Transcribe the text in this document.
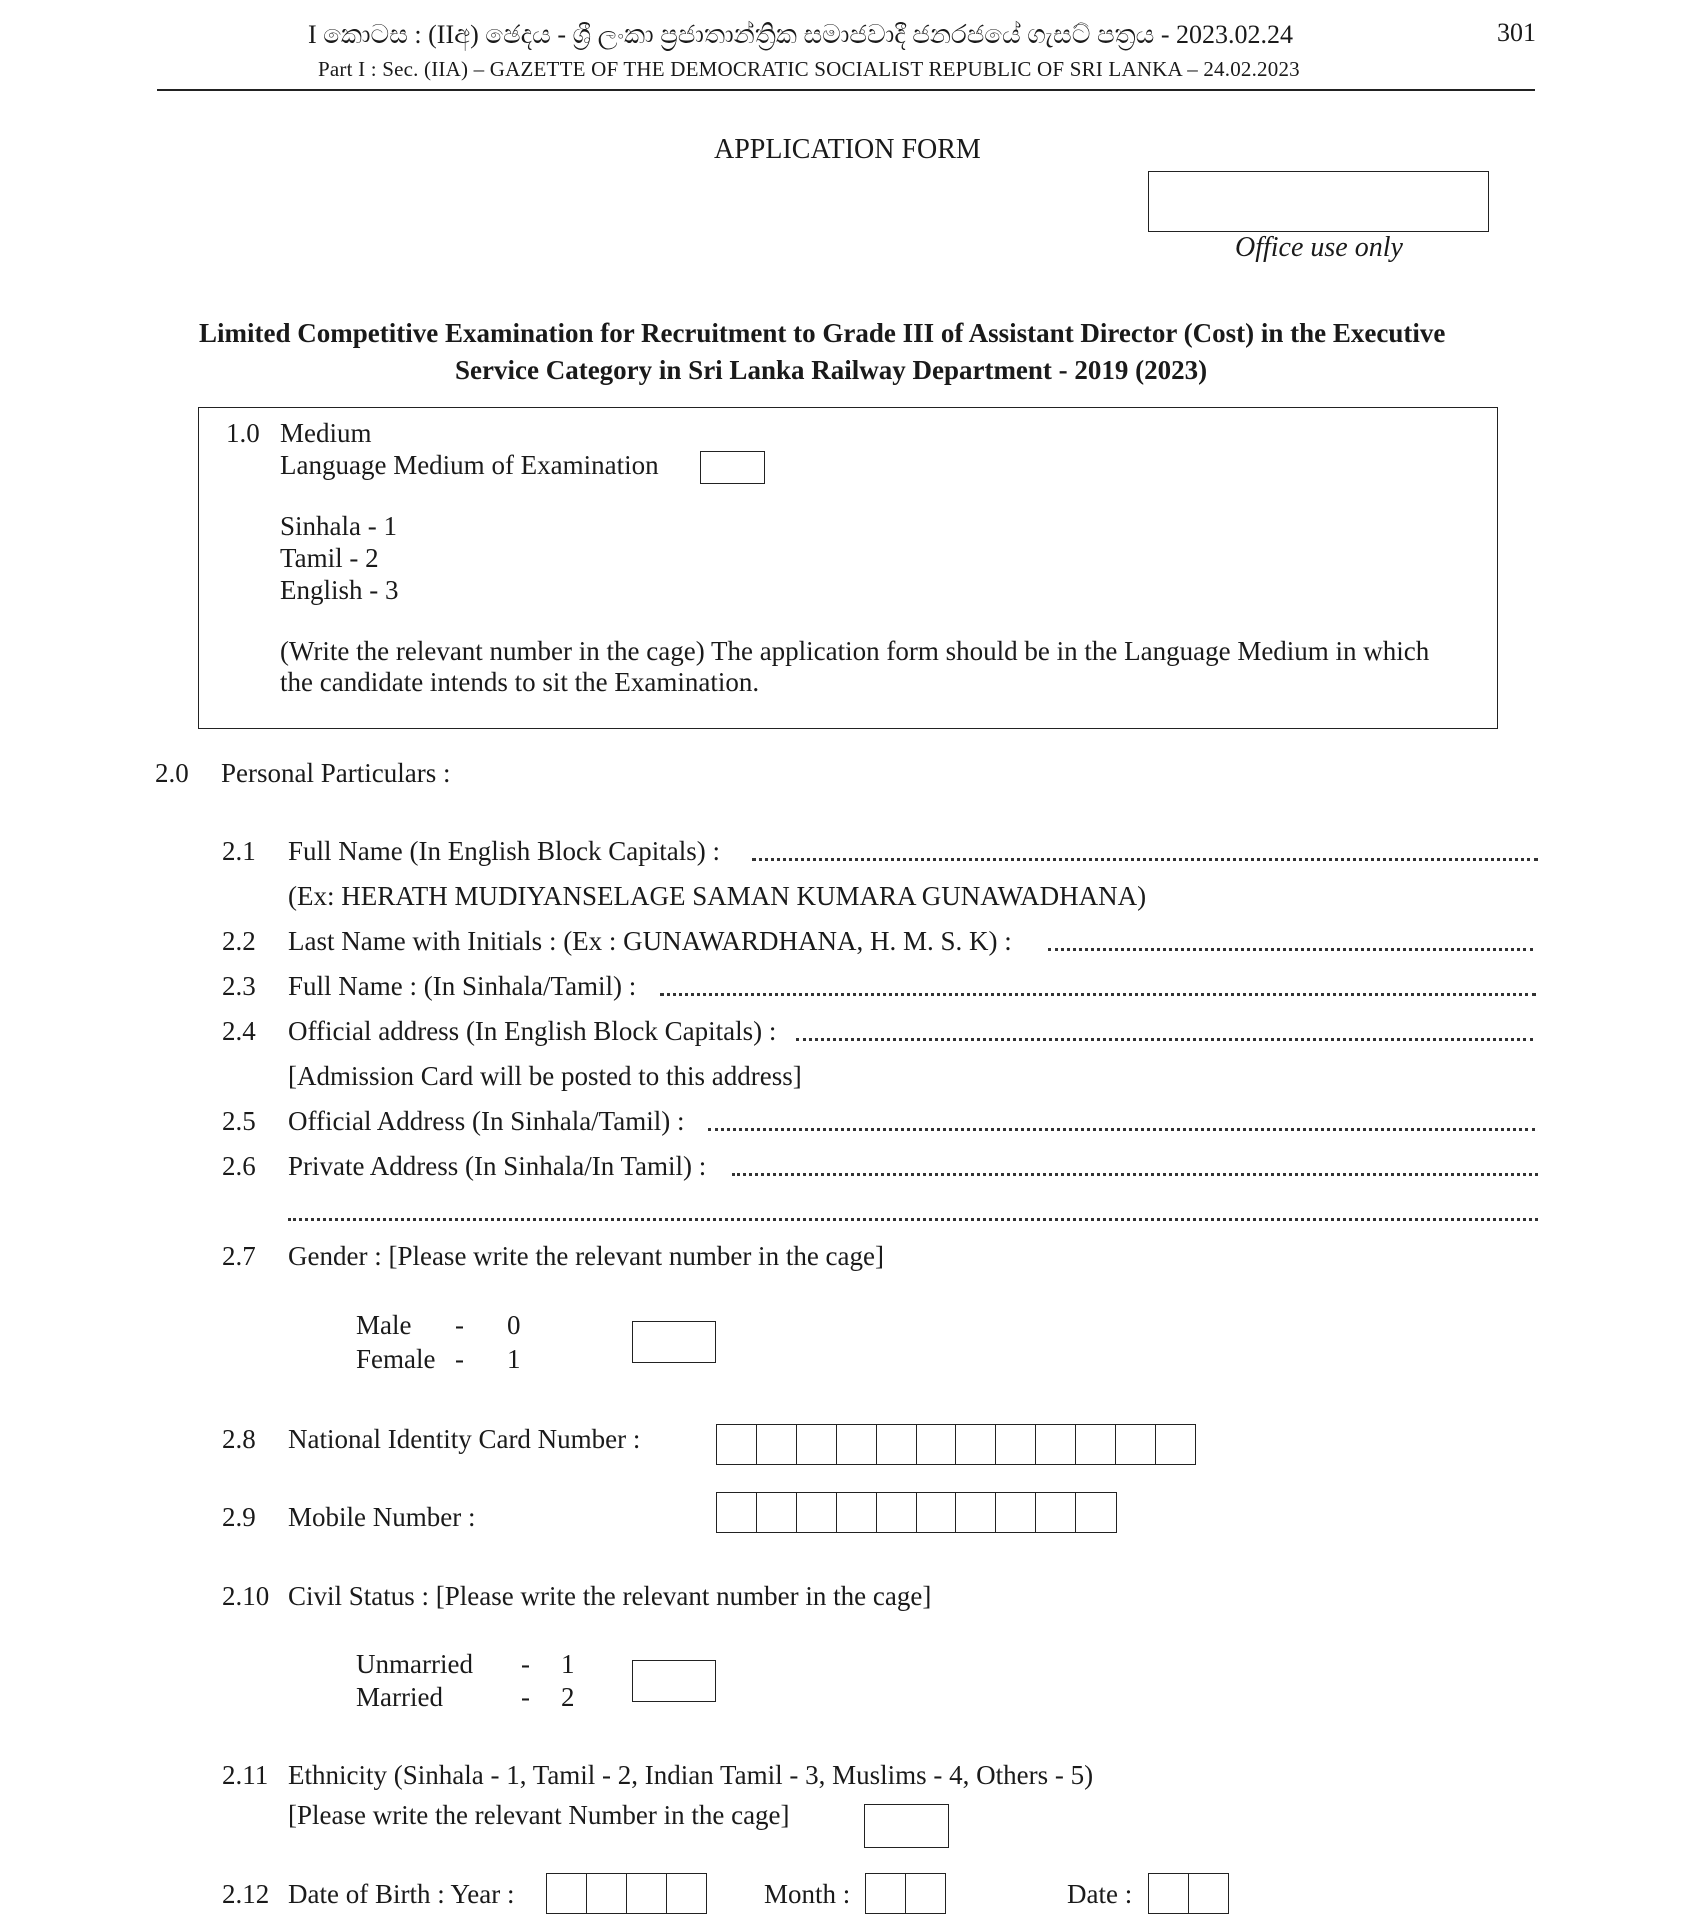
I කොටස : (IIඅ) ඡෙදය - ශ්‍රී ලංකා ප්‍රජාතාන්ත්‍රික සමාජවාදී ජනරජයේ ගැසට් පත්‍රය - 2023.02.24	301
Part I : Sec. (IIA) – GAZETTE OF THE DEMOCRATIC SOCIALIST REPUBLIC OF SRI LANKA – 24.02.2023
APPLICATION FORM
Office use only
Limited Competitive Examination for Recruitment to Grade III of Assistant Director (Cost) in the Executive
Service Category in Sri Lanka Railway Department - 2019 (2023)
1.0 Medium
Language Medium of Examination
Sinhala - 1
Tamil - 2
English - 3
(Write the relevant number in the cage) The application form should be in the Language Medium in which
the candidate intends to sit the Examination.
2.0 Personal Particulars :
2.1 Full Name (In English Block Capitals) :
(Ex: HERATH MUDIYANSELAGE SAMAN KUMARA GUNAWADHANA)
2.2 Last Name with Initials : (Ex : GUNAWARDHANA, H. M. S. K) :
2.3 Full Name : (In Sinhala/Tamil) :
2.4 Official address (In English Block Capitals) :
[Admission Card will be posted to this address]
2.5 Official Address (In Sinhala/Tamil) :
2.6 Private Address (In Sinhala/In Tamil) :
2.7 Gender : [Please write the relevant number in the cage]
Male - 0
Female - 1
2.8 National Identity Card Number :
2.9 Mobile Number :
2.10 Civil Status : [Please write the relevant number in the cage]
Unmarried - 1
Married	- 2
2.11 Ethnicity (Sinhala - 1, Tamil - 2, Indian Tamil - 3, Muslims - 4, Others - 5)
[Please write the relevant Number in the cage]
2.12 Date of Birth : Year :	Month :	Date :
